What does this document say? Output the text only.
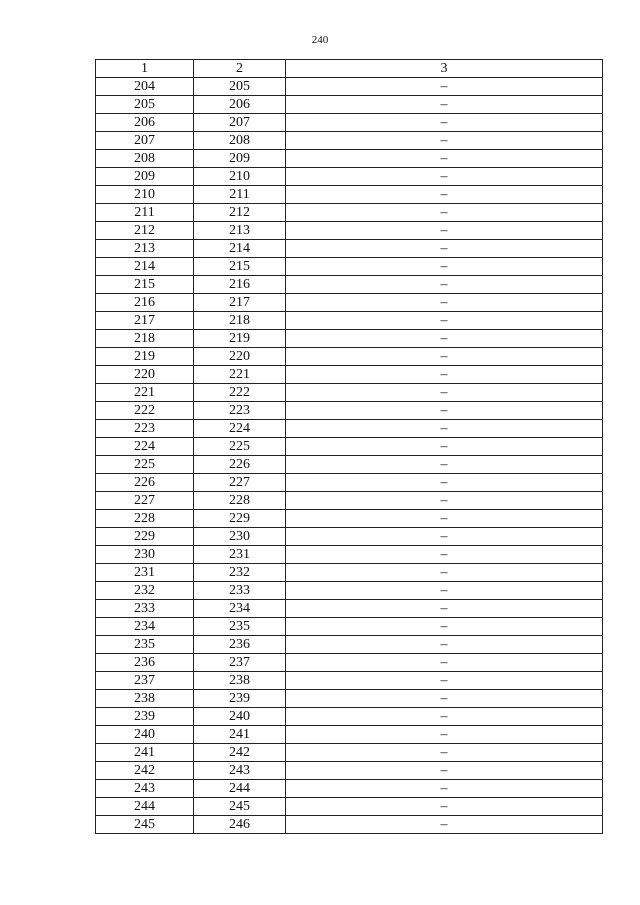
240
1	2	3
204	205	–
205	206	–
206	207	–
207	208	–
208	209	–
209	210	–
210	211	–
211	212	–
212	213	–
213	214	–
214	215	–
215	216	–
216	217	–
217	218	–
218	219	–
219	220	–
220	221	–
221	222	–
222	223	–
223	224	–
224	225	–
225	226	–
226	227	–
227	228	–
228	229	–
229	230	–
230	231	–
231	232	–
232	233	–
233	234	–
234	235	–
235	236	–
236	237	–
237	238	–
238	239	–
239	240	–
240	241	–
241	242	–
242	243	–
243	244	–
244	245	–
245	246	–
